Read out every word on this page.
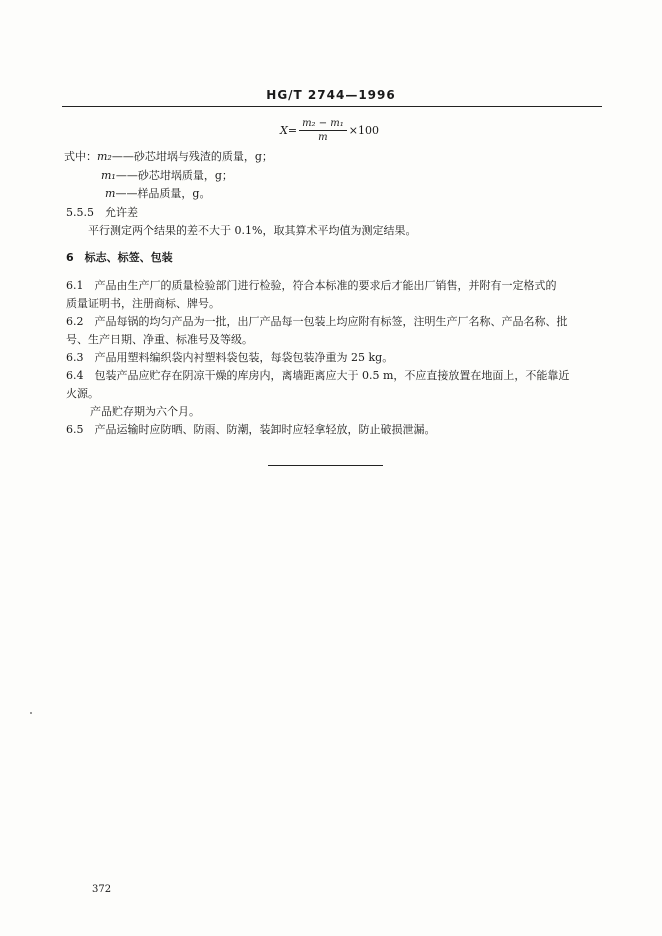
HG/T 2744—1996
$X= \frac{\text{m₂ − m₁}}{m} \times 100$
式中：m₂——砂芯坩埚与残渣的质量，g；
m₁——砂芯坩埚质量，g；
m——样品质量，g。
5.5.5　允许差
平行测定两个结果的差不大于 0.1%，取其算术平均值为测定结果。
6　标志、标签、包装
6.1　产品由生产厂的质量检验部门进行检验，符合本标准的要求后才能出厂销售，并附有一定格式的
质量证明书，注册商标、牌号。
6.2　产品每锅的均匀产品为一批，出厂产品每一包装上均应附有标签，注明生产厂名称、产品名称、批
号、生产日期、净重、标准号及等级。
6.3　产品用塑料编织袋内衬塑料袋包装，每袋包装净重为 25 kg。
6.4　包装产品应贮存在阴凉干燥的库房内，离墙距离应大于 0.5 m，不应直接放置在地面上，不能靠近
火源。
产品贮存期为六个月。
6.5　产品运输时应防晒、防雨、防潮，装卸时应轻拿轻放，防止破损泄漏。
372
